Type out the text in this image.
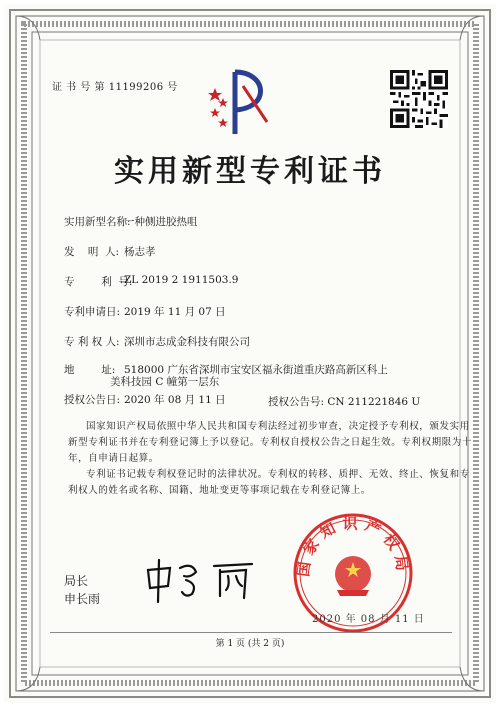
证 书 号 第 11199206 号
实用新型专利证书
实用新型名称:
一种侧进胶热咀
发    明  人: 杨志孝
专        利  号:
ZL 2019 2 1911503.9
专利申请日: 2019 年 11 月 07 日
专 利 权 人: 深圳市志成金科技有限公司
地        址: 518000 广东省深圳市宝安区福永街道重庆路高新区科上
授权公告日: 2020 年 08 月 11 日
美科技园 C 幢第一层东
授权公告号: CN 211221846 U
国家知识产权局依照中华人民共和国专利法经过初步审查，决定授予专利权，颁发实用
新型专利证书并在专利登记簿上予以登记。专利权自授权公告之日起生效。专利权期限为十
年，自申请日起算。
专利证书记载专利权登记时的法律状况。专利权的转移、质押、无效、终止、恢复和专
利权人的姓名或名称、国籍、地址变更等事项记载在专利登记簿上。
局长
申长雨
国家知识产权局
2020 年 08 月 11 日
第 1 页 (共 2 页)
